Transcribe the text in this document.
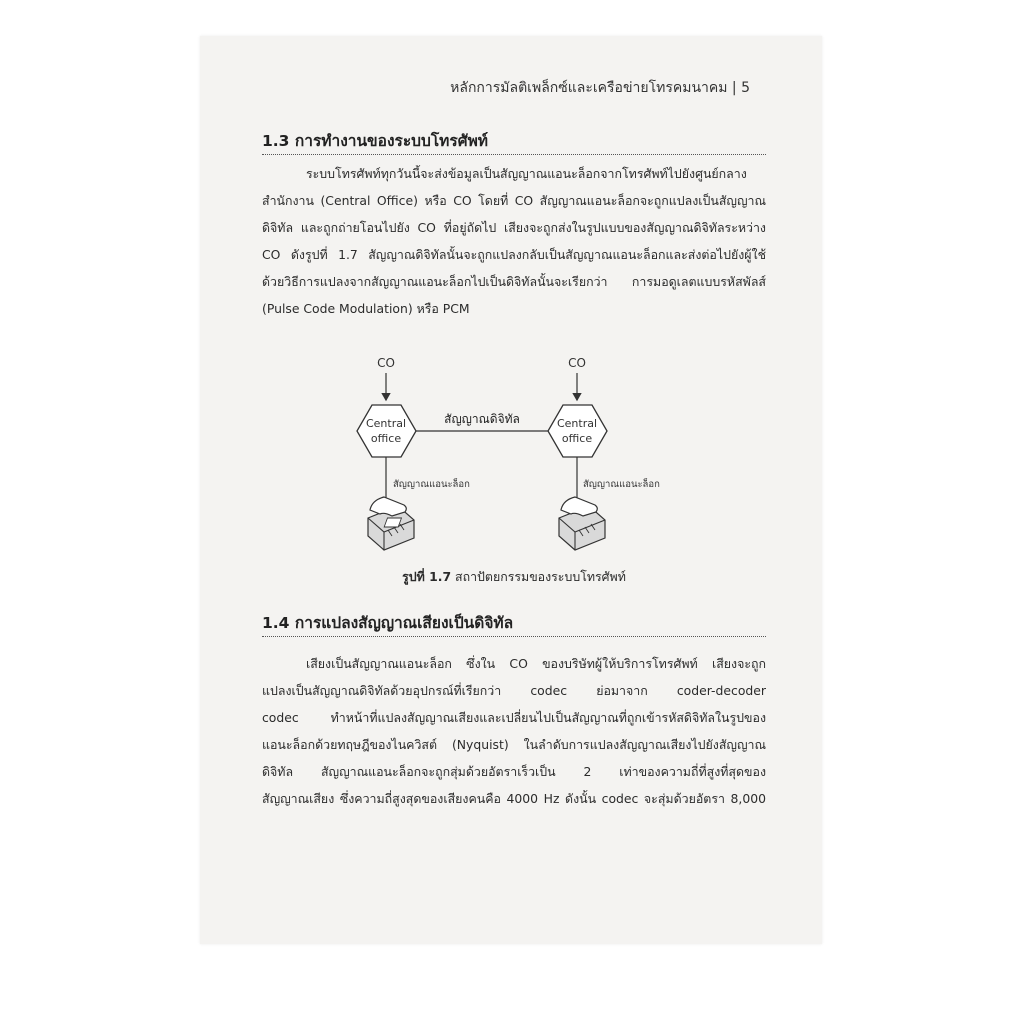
หลักการมัลติเพล็กซ์และเครือข่ายโทรคมนาคม | 5
1.3 การทำงานของระบบโทรศัพท์
ระบบโทรศัพท์ทุกวันนี้จะส่งข้อมูลเป็นสัญญาณแอนะล็อกจากโทรศัพท์ไปยังศูนย์กลาง
สำนักงาน (Central Office) หรือ CO โดยที่ CO สัญญาณแอนะล็อกจะถูกแปลงเป็นสัญญาณ
ดิจิทัล และถูกถ่ายโอนไปยัง CO ที่อยู่ถัดไป เสียงจะถูกส่งในรูปแบบของสัญญาณดิจิทัลระหว่าง
CO ดังรูปที่ 1.7 สัญญาณดิจิทัลนั้นจะถูกแปลงกลับเป็นสัญญาณแอนะล็อกและส่งต่อไปยังผู้ใช้
ด้วยวิธีการแปลงจากสัญญาณแอนะล็อกไปเป็นดิจิทัลนั้นจะเรียกว่า การมอดูเลตแบบรหัสพัลส์
(Pulse Code Modulation) หรือ PCM
CO	CO
Central
office
Central
office
สัญญาณดิจิทัล
สัญญาณแอนะล็อก	สัญญาณแอนะล็อก
รูปที่ 1.7 สถาปัตยกรรมของระบบโทรศัพท์
1.4 การแปลงสัญญาณเสียงเป็นดิจิทัล
เสียงเป็นสัญญาณแอนะล็อก ซึ่งใน CO ของบริษัทผู้ให้บริการโทรศัพท์ เสียงจะถูก
แปลงเป็นสัญญาณดิจิทัลด้วยอุปกรณ์ที่เรียกว่า codec ย่อมาจาก coder-decoder
codec ทำหน้าที่แปลงสัญญาณเสียงและเปลี่ยนไปเป็นสัญญาณที่ถูกเข้ารหัสดิจิทัลในรูปของ
แอนะล็อกด้วยทฤษฎีของไนควิสต์ (Nyquist) ในลำดับการแปลงสัญญาณเสียงไปยังสัญญาณ
ดิจิทัล สัญญาณแอนะล็อกจะถูกสุ่มด้วยอัตราเร็วเป็น 2 เท่าของความถี่ที่สูงที่สุดของ
สัญญาณเสียง ซึ่งความถี่สูงสุดของเสียงคนคือ 4000 Hz ดังนั้น codec จะสุ่มด้วยอัตรา 8,000
